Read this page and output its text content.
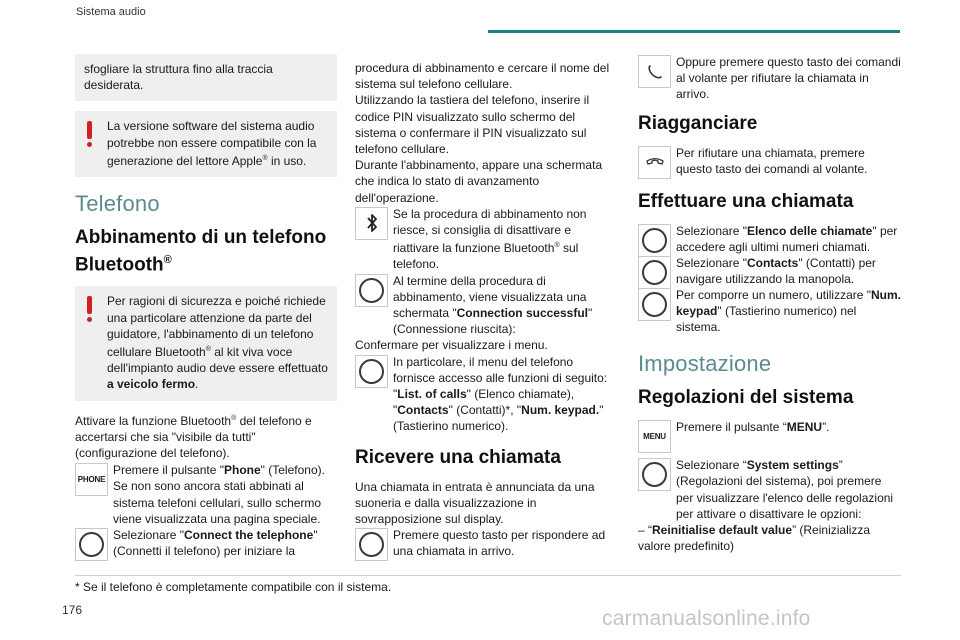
Sistema audio
sfogliare la struttura fino alla traccia desiderata.
La versione software del sistema audio potrebbe non essere compatibile con la generazione del lettore Apple® in uso.
Telefono
Abbinamento di un telefono Bluetooth®
Per ragioni di sicurezza e poiché richiede una particolare attenzione da parte del guidatore, l'abbinamento di un telefono cellulare Bluetooth® al kit viva voce dell'impianto audio deve essere effettuato a veicolo fermo.

Attivare la funzione Bluetooth® del telefono e accertarsi che sia "visibile da tutti" (configurazione del telefono).

PHONE
Premere il pulsante "Phone" (Telefono). Se non sono ancora stati abbinati al sistema telefoni cellulari, sullo schermo viene visualizzata una pagina speciale.
Selezionare "Connect the telephone" (Connetti il telefono) per iniziare la

procedura di abbinamento e cercare il nome del sistema sul telefono cellulare.

Utilizzando la tastiera del telefono, inserire il codice PIN visualizzato sullo schermo del sistema o confermare il PIN visualizzato sul telefono cellulare.

Durante l'abbinamento, appare una schermata che indica lo stato di avanzamento dell'operazione.

Se la procedura di abbinamento non riesce, si consiglia di disattivare e riattivare la funzione Bluetooth® sul telefono.
Al termine della procedura di abbinamento, viene visualizzata una schermata "Connection successful" (Connessione riuscita):

Confermare per visualizzare i menu.

In particolare, il menu del telefono fornisce accesso alle funzioni di seguito: "List. of calls" (Elenco chiamate), "Contacts" (Contatti)*, "Num. keypad." (Tastierino numerico).
Ricevere una chiamata

Una chiamata in entrata è annunciata da una suoneria e dalla visualizzazione in sovrapposizione sul display.

Premere questo tasto per rispondere ad una chiamata in arrivo.
Oppure premere questo tasto dei comandi al volante per rifiutare la chiamata in arrivo.
Riagganciare
Per rifiutare una chiamata, premere questo tasto dei comandi al volante.
Effettuare una chiamata
Selezionare "Elenco delle chiamate" per accedere agli ultimi numeri chiamati.
Selezionare "Contacts" (Contatti) per navigare utilizzando la manopola.
Per comporre un numero, utilizzare "Num. keypad" (Tastierino numerico) nel sistema.
Impostazione
Regolazioni del sistema
MENU
Premere il pulsante “MENU”.
Selezionare “System settings” (Regolazioni del sistema), poi premere per visualizzare l'elenco delle regolazioni per attivare o disattivare le opzioni:

– “Reinitialise default value” (Reinizializza valore predefinito)

* Se il telefono è completamente compatibile con il sistema.
176	carmanualsonline.info
